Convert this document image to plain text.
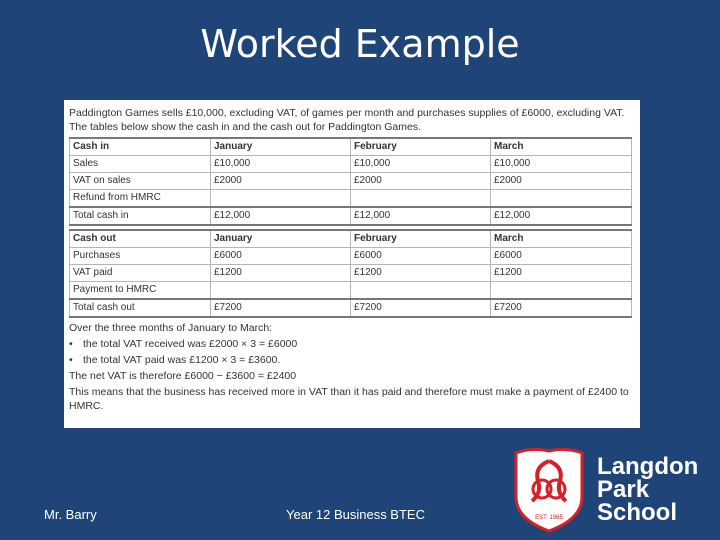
Worked Example

Paddington Games sells £10,000, excluding VAT, of games per month and purchases supplies of £6000, excluding VAT. The tables below show the cash in and the cash out for Paddington Games.

Cash in	January	February	March
Sales	£10,000	£10,000	£10,000
VAT on sales	£2000	£2000	£2000
Refund from HMRC			
Total cash in	£12,000	£12,000	£12,000
Cash out	January	February	March
Purchases	£6000	£6000	£6000
VAT paid	£1200	£1200	£1200
Payment to HMRC			
Total cash out	£7200	£7200	£7200

Over the three months of January to March:

• the total VAT received was £2000 × 3 = £6000

• the total VAT paid was £1200 × 3 = £3600.

The net VAT is therefore £6000 − £3600 = £2400

This means that the business has received more in VAT than it has paid and therefore must make a payment of £2400 to HMRC.

Mr. Barry	Year 12 Business BTEC	EST. 1965
Langdon
Park
School
